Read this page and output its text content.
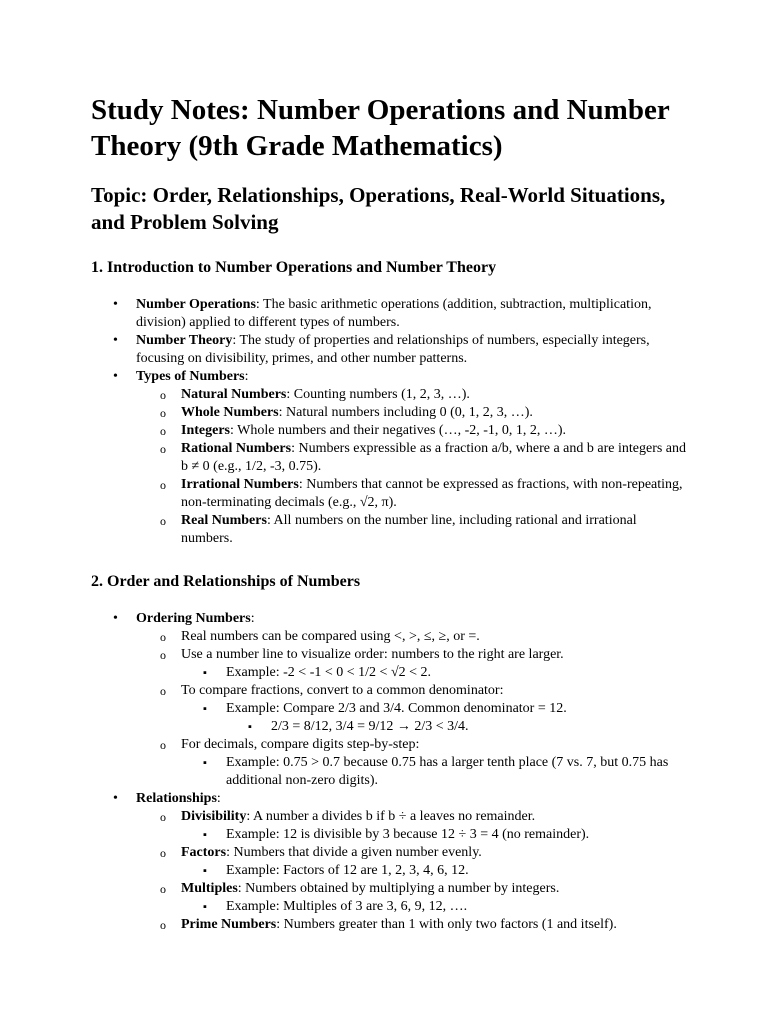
Study Notes: Number Operations and Number Theory (9th Grade Mathematics)
Topic: Order, Relationships, Operations, Real-World Situations, and Problem Solving
1. Introduction to Number Operations and Number Theory
• Number Operations: The basic arithmetic operations (addition, subtraction, multiplication, division) applied to different types of numbers.
• Number Theory: The study of properties and relationships of numbers, especially integers, focusing on divisibility, primes, and other number patterns.
• Types of Numbers:
o Natural Numbers: Counting numbers (1, 2, 3, …).
o Whole Numbers: Natural numbers including 0 (0, 1, 2, 3, …).
o Integers: Whole numbers and their negatives (…, -2, -1, 0, 1, 2, …).
o Rational Numbers: Numbers expressible as a fraction a/b, where a and b are integers and b ≠ 0 (e.g., 1/2, -3, 0.75).
o Irrational Numbers: Numbers that cannot be expressed as fractions, with non-repeating, non-terminating decimals (e.g., √2, π).
o Real Numbers: All numbers on the number line, including rational and irrational numbers.
2. Order and Relationships of Numbers
• Ordering Numbers:
o Real numbers can be compared using <, >, ≤, ≥, or =.
o Use a number line to visualize order: numbers to the right are larger.
▪ Example: -2 < -1 < 0 < 1/2 < √2 < 2.
o To compare fractions, convert to a common denominator:
▪ Example: Compare 2/3 and 3/4. Common denominator = 12.
▪ 2/3 = 8/12, 3/4 = 9/12 → 2/3 < 3/4.
o For decimals, compare digits step-by-step:
▪ Example: 0.75 > 0.7 because 0.75 has a larger tenth place (7 vs. 7, but 0.75 has additional non-zero digits).
• Relationships:
o Divisibility: A number a divides b if b ÷ a leaves no remainder.
▪ Example: 12 is divisible by 3 because 12 ÷ 3 = 4 (no remainder).
o Factors: Numbers that divide a given number evenly.
▪ Example: Factors of 12 are 1, 2, 3, 4, 6, 12.
o Multiples: Numbers obtained by multiplying a number by integers.
▪ Example: Multiples of 3 are 3, 6, 9, 12, ….
o Prime Numbers: Numbers greater than 1 with only two factors (1 and itself).
